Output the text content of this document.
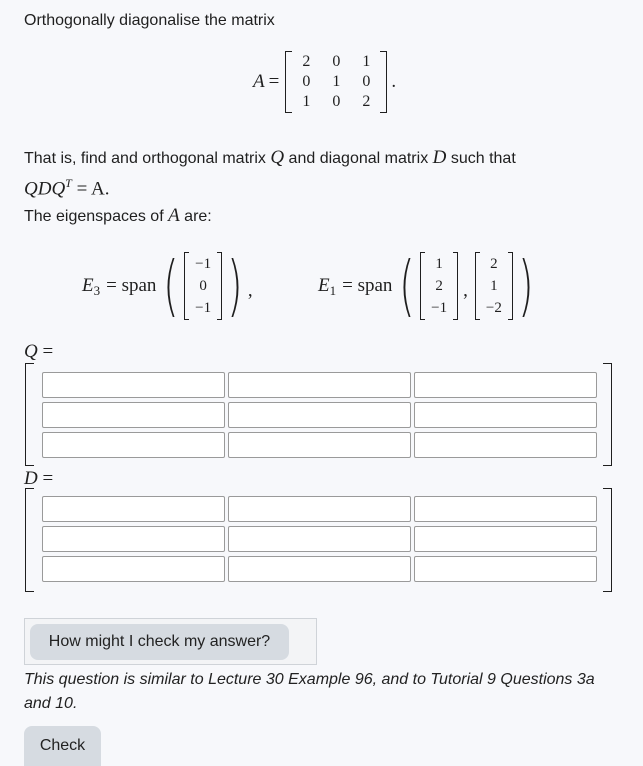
Orthogonally diagonalise the matrix
A =
2	0	1
0	1	0
1	0	2
.
That is, find and orthogonal matrix Q and diagonal matrix D such that
$QDQ^T = A$.
The eigenspaces of A are:
$E_3$ = span ( −1
0
−1 ) ,	$E_1$ = span (	1
2
−1
,
2
1
−2 )
Q =
D =
How might I check my answer?
This question is similar to Lecture 30 Example 96, and to Tutorial 9 Questions 3a and 10.
Check
